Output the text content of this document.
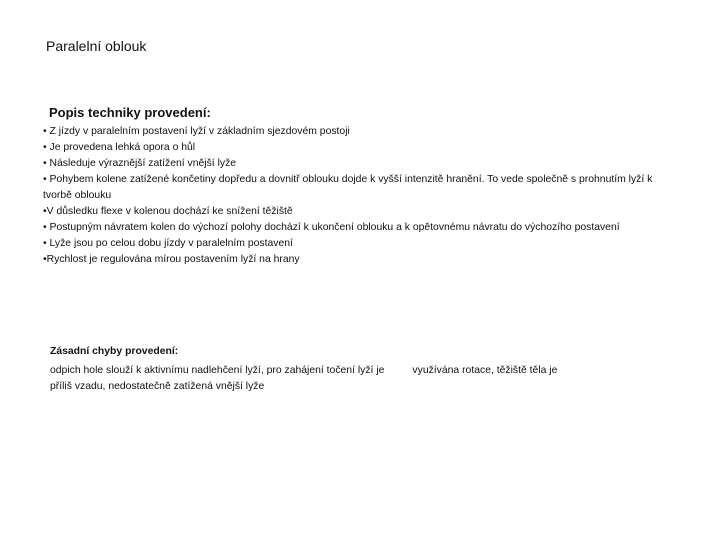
Paralelní oblouk
Popis techniky provedení:
• Z jízdy v paralelním postavení lyží v základním sjezdovém postoji
• Je provedena lehká opora o hůl
• Následuje výraznější zatížení vnější lyže
• Pohybem kolene zatížené končetiny dopředu a dovnitř oblouku dojde k vyšší intenzitě hranění. To vede společně s prohnutím lyží k tvorbě oblouku
•V důsledku flexe v kolenou dochází ke snížení těžiště
• Postupným návratem kolen do výchozí polohy dochází k ukončení oblouku a k opětovnému návratu do výchozího postavení
• Lyže jsou po celou dobu jízdy v paralelním postavení
•Rychlost je regulována mírou postavením lyží na hrany
Zásadní chyby provedení:

odpich hole slouží k aktivnímu nadlehčení lyží, pro zahájení točení lyží je	využívána rotace, těžiště těla je
příliš vzadu, nedostatečně zatížená vnější lyže
